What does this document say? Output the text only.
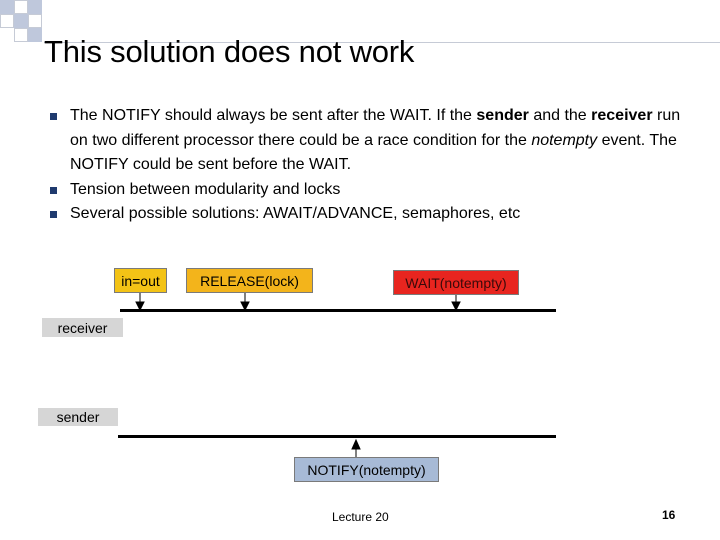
This solution does not work
The NOTIFY should always be sent after the WAIT. If the sender and the receiver run on two different processor there could be a race condition for the notempty event. The NOTIFY could be sent before the WAIT.
Tension between modularity and locks
Several possible solutions: AWAIT/ADVANCE, semaphores, etc
in=out	RELEASE(lock)	WAIT(notempty)
receiver
sender
NOTIFY(notempty)
Lecture 20	16
